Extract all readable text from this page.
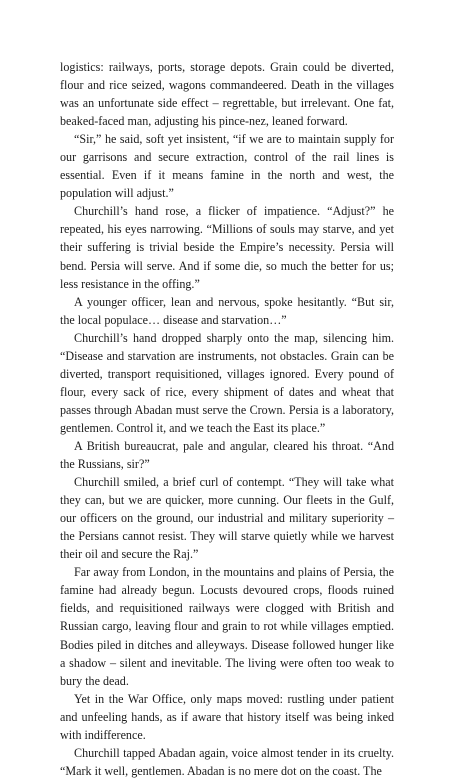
logistics: railways, ports, storage depots. Grain could be diverted, flour and rice seized, wagons commandeered. Death in the villages was an unfortunate side effect – regrettable, but irrelevant. One fat, beaked-faced man, adjusting his pince-nez, leaned forward.

“Sir,” he said, soft yet insistent, “if we are to maintain supply for our garrisons and secure extraction, control of the rail lines is essential. Even if it means famine in the north and west, the population will adjust.”

Churchill’s hand rose, a flicker of impatience. “Adjust?” he repeated, his eyes narrowing. “Millions of souls may starve, and yet their suffering is trivial beside the Empire’s necessity. Persia will bend. Persia will serve. And if some die, so much the better for us; less resistance in the offing.”

A younger officer, lean and nervous, spoke hesitantly. “But sir, the local populace… disease and starvation…”

Churchill’s hand dropped sharply onto the map, silencing him. “Disease and starvation are instruments, not obstacles. Grain can be diverted, transport requisitioned, villages ignored. Every pound of flour, every sack of rice, every shipment of dates and wheat that passes through Abadan must serve the Crown. Persia is a laboratory, gentlemen. Control it, and we teach the East its place.”

A British bureaucrat, pale and angular, cleared his throat. “And the Russians, sir?”

Churchill smiled, a brief curl of contempt. “They will take what they can, but we are quicker, more cunning. Our fleets in the Gulf, our officers on the ground, our industrial and military superiority – the Persians cannot resist. They will starve quietly while we harvest their oil and secure the Raj.”

Far away from London, in the mountains and plains of Persia, the famine had already begun. Locusts devoured crops, floods ruined fields, and requisitioned railways were clogged with British and Russian cargo, leaving flour and grain to rot while villages emptied. Bodies piled in ditches and alleyways. Disease followed hunger like a shadow – silent and inevitable. The living were often too weak to bury the dead.

Yet in the War Office, only maps moved: rustling under patient and unfeeling hands, as if aware that history itself was being inked with indifference.

Churchill tapped Abadan again, voice almost tender in its cruelty. “Mark it well, gentlemen. Abadan is no mere dot on the coast. The
